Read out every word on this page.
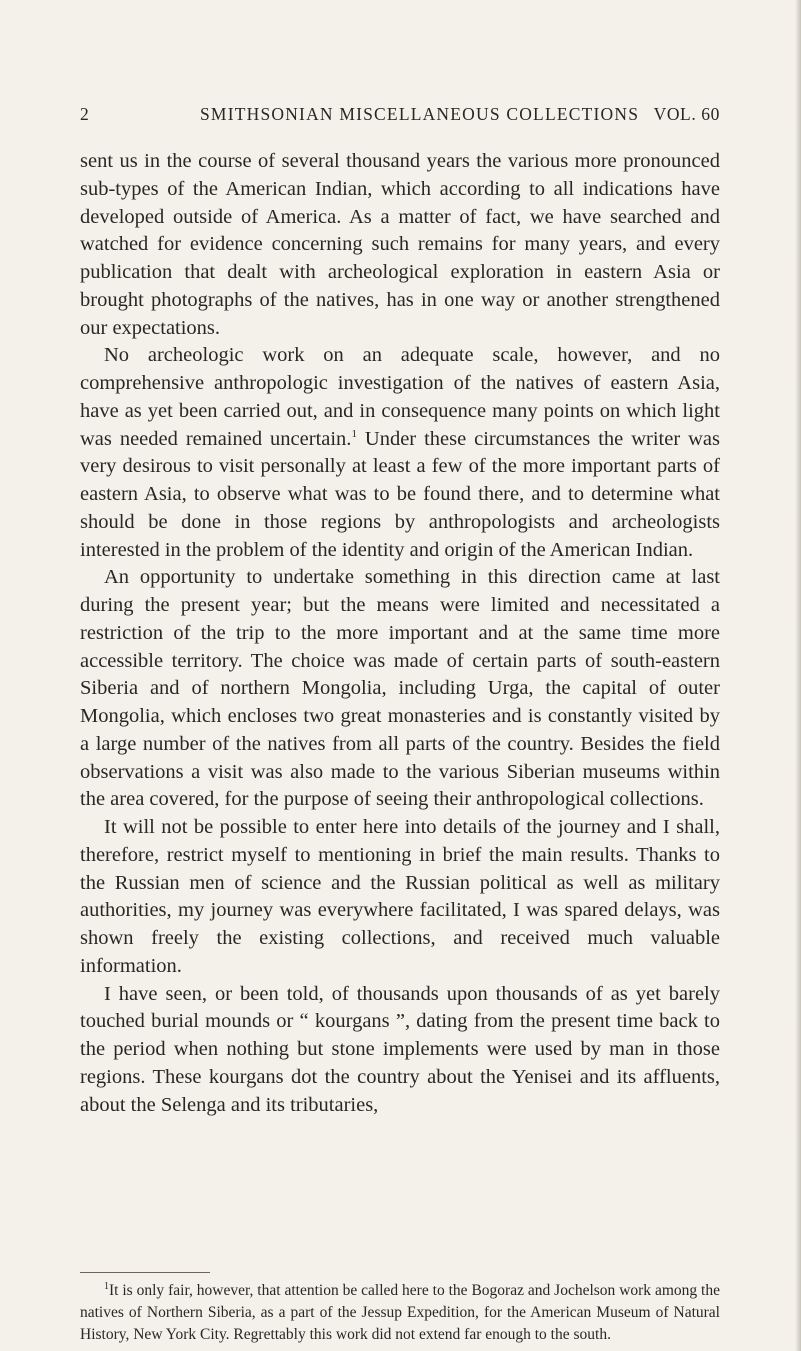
2	SMITHSONIAN MISCELLANEOUS COLLECTIONS VOL. 60

sent us in the course of several thousand years the various more pronounced sub-types of the American Indian, which according to all indications have developed outside of America. As a matter of fact, we have searched and watched for evidence concerning such remains for many years, and every publication that dealt with archeological exploration in eastern Asia or brought photographs of the natives, has in one way or another strengthened our expectations.

No archeologic work on an adequate scale, however, and no comprehensive anthropologic investigation of the natives of eastern Asia, have as yet been carried out, and in consequence many points on which light was needed remained uncertain.$^1$ Under these circumstances the writer was very desirous to visit personally at least a few of the more important parts of eastern Asia, to observe what was to be found there, and to determine what should be done in those regions by anthropologists and archeologists interested in the problem of the identity and origin of the American Indian.

An opportunity to undertake something in this direction came at last during the present year; but the means were limited and necessitated a restriction of the trip to the more important and at the same time more accessible territory. The choice was made of certain parts of south-eastern Siberia and of northern Mongolia, including Urga, the capital of outer Mongolia, which encloses two great monasteries and is constantly visited by a large number of the natives from all parts of the country. Besides the field observations a visit was also made to the various Siberian museums within the area covered, for the purpose of seeing their anthropological collections.

It will not be possible to enter here into details of the journey and I shall, therefore, restrict myself to mentioning in brief the main results. Thanks to the Russian men of science and the Russian political as well as military authorities, my journey was everywhere facilitated, I was spared delays, was shown freely the existing collections, and received much valuable information.

I have seen, or been told, of thousands upon thousands of as yet barely touched burial mounds or “ kourgans ”, dating from the present time back to the period when nothing but stone implements were used by man in those regions. These kourgans dot the country about the Yenisei and its affluents, about the Selenga and its tributaries,

$^1$It is only fair, however, that attention be called here to the Bogoraz and Jochelson work among the natives of Northern Siberia, as a part of the Jessup Expedition, for the American Museum of Natural History, New York City. Regrettably this work did not extend far enough to the south.
